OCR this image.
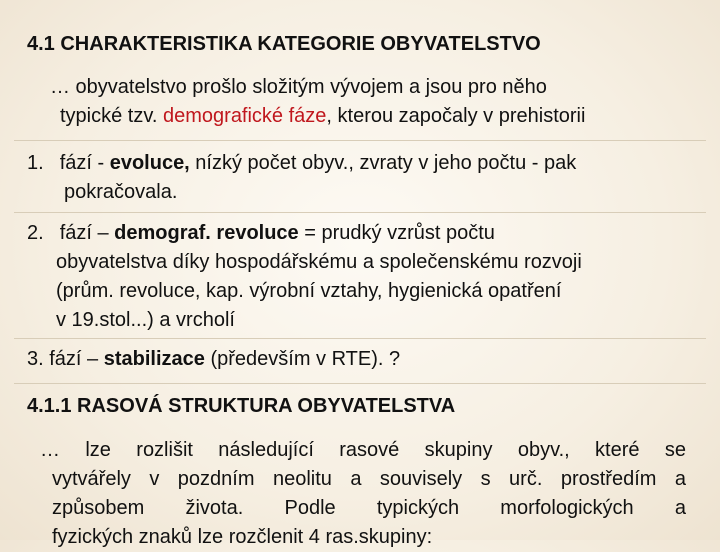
4.1 CHARAKTERISTIKA KATEGORIE OBYVATELSTVO

… obyvatelstvo prošlo složitým vývojem a jsou pro něho
typické tzv. demografické fáze, kterou započaly v prehistorii
1. fází - evoluce, nízký počet obyv., zvraty v jeho počtu - pak
pokračovala.
2. fází – demograf. revoluce = prudký vzrůst počtu
obyvatelstva díky hospodářskému a společenskému rozvoji
(prům. revoluce, kap. výrobní vztahy, hygienická opatření
v 19.stol...) a vrcholí
3. fází – stabilizace (především v RTE). ?

4.1.1 RASOVÁ STRUKTURA OBYVATELSTVA

… lze rozlišit následující rasové skupiny obyv., které se
vytvářely v pozdním neolitu a souvisely s urč. prostředím a
způsobem života. Podle typických morfologických a
fyzických znaků lze rozčlenit 4 ras.skupiny:
